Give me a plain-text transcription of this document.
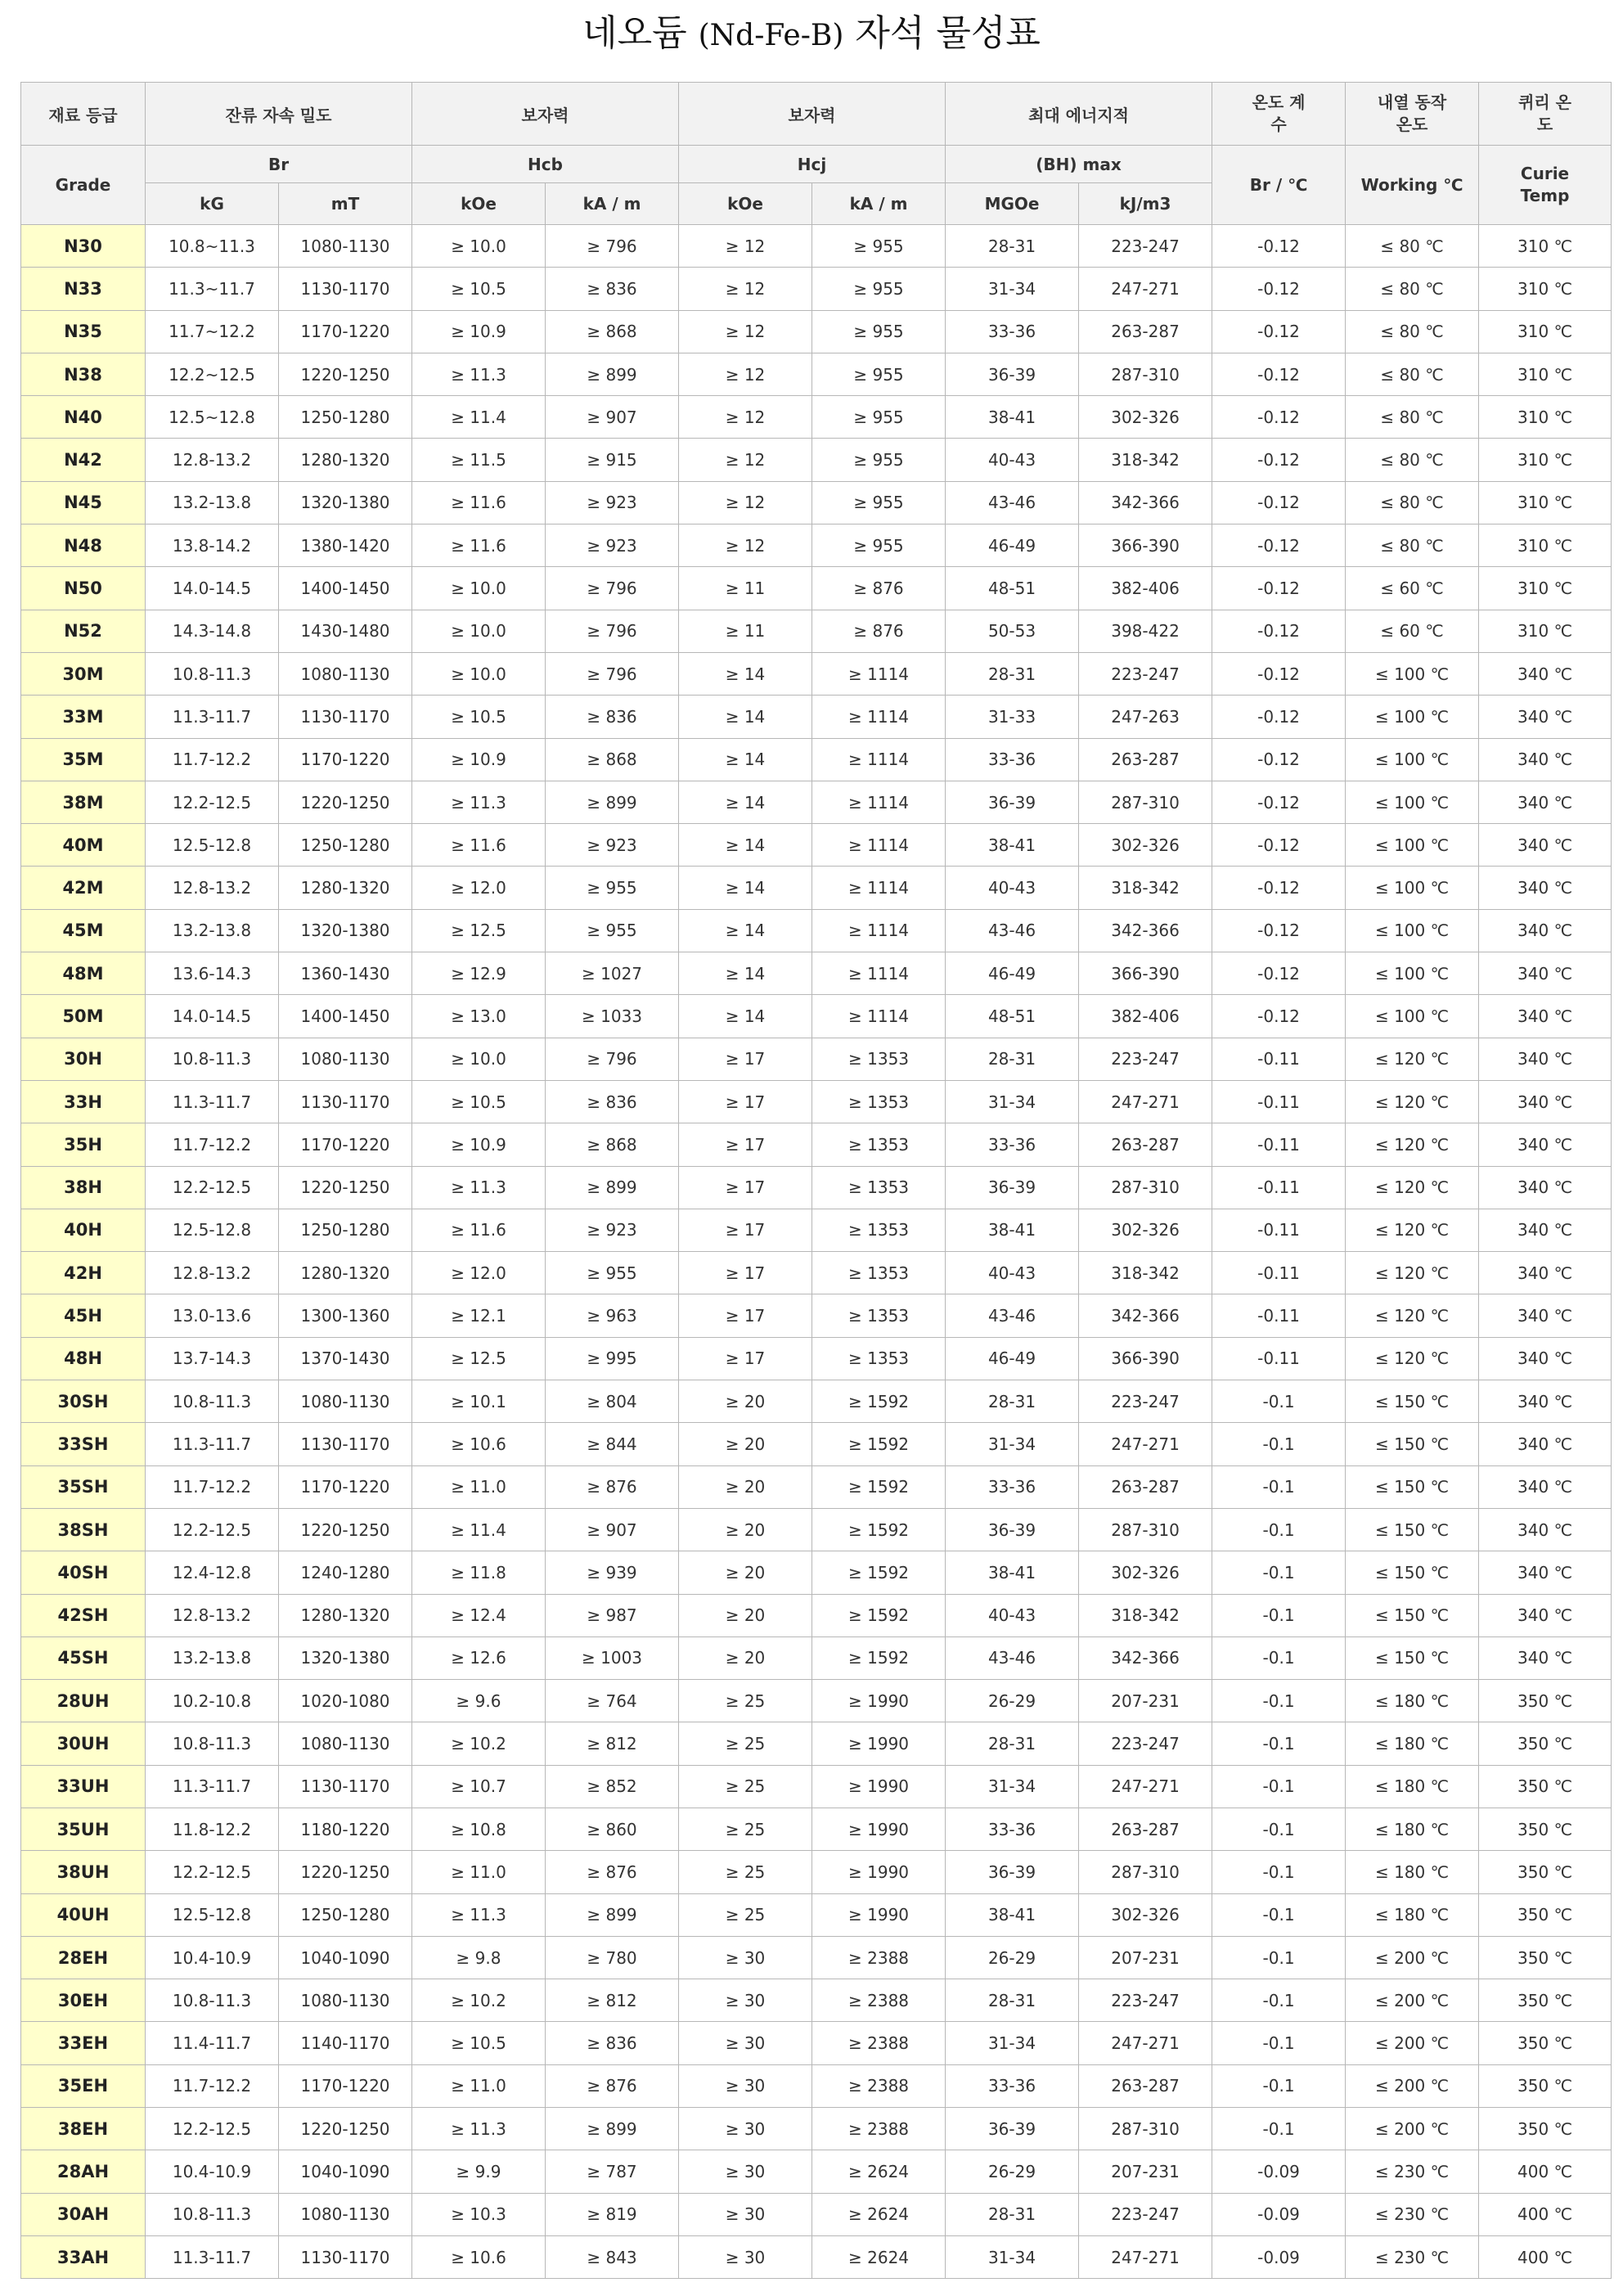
네오듐 (Nd-Fe-B) 자석 물성표
재료 등급	잔류 자속 밀도		보자력		보자력		최대 에너지적		온도 계수	내열 동작온도	퀴리 온도
Grade	Br		Hcb		Hcj		(BH) max		Br / ℃	Working ℃	Curie Temp
	kG	mT	kOe	kA / m	kOe	kA / m	MGOe	kJ/m3			
N30	10.8~11.3	1080-1130	≥ 10.0	≥ 796	≥ 12	≥ 955	28-31	223-247	-0.12	≤ 80 ℃	310 ℃
N33	11.3~11.7	1130-1170	≥ 10.5	≥ 836	≥ 12	≥ 955	31-34	247-271	-0.12	≤ 80 ℃	310 ℃
N35	11.7~12.2	1170-1220	≥ 10.9	≥ 868	≥ 12	≥ 955	33-36	263-287	-0.12	≤ 80 ℃	310 ℃
N38	12.2~12.5	1220-1250	≥ 11.3	≥ 899	≥ 12	≥ 955	36-39	287-310	-0.12	≤ 80 ℃	310 ℃
N40	12.5~12.8	1250-1280	≥ 11.4	≥ 907	≥ 12	≥ 955	38-41	302-326	-0.12	≤ 80 ℃	310 ℃
N42	12.8-13.2	1280-1320	≥ 11.5	≥ 915	≥ 12	≥ 955	40-43	318-342	-0.12	≤ 80 ℃	310 ℃
N45	13.2-13.8	1320-1380	≥ 11.6	≥ 923	≥ 12	≥ 955	43-46	342-366	-0.12	≤ 80 ℃	310 ℃
N48	13.8-14.2	1380-1420	≥ 11.6	≥ 923	≥ 12	≥ 955	46-49	366-390	-0.12	≤ 80 ℃	310 ℃
N50	14.0-14.5	1400-1450	≥ 10.0	≥ 796	≥ 11	≥ 876	48-51	382-406	-0.12	≤ 60 ℃	310 ℃
N52	14.3-14.8	1430-1480	≥ 10.0	≥ 796	≥ 11	≥ 876	50-53	398-422	-0.12	≤ 60 ℃	310 ℃
30M	10.8-11.3	1080-1130	≥ 10.0	≥ 796	≥ 14	≥ 1114	28-31	223-247	-0.12	≤ 100 ℃	340 ℃
33M	11.3-11.7	1130-1170	≥ 10.5	≥ 836	≥ 14	≥ 1114	31-33	247-263	-0.12	≤ 100 ℃	340 ℃
35M	11.7-12.2	1170-1220	≥ 10.9	≥ 868	≥ 14	≥ 1114	33-36	263-287	-0.12	≤ 100 ℃	340 ℃
38M	12.2-12.5	1220-1250	≥ 11.3	≥ 899	≥ 14	≥ 1114	36-39	287-310	-0.12	≤ 100 ℃	340 ℃
40M	12.5-12.8	1250-1280	≥ 11.6	≥ 923	≥ 14	≥ 1114	38-41	302-326	-0.12	≤ 100 ℃	340 ℃
42M	12.8-13.2	1280-1320	≥ 12.0	≥ 955	≥ 14	≥ 1114	40-43	318-342	-0.12	≤ 100 ℃	340 ℃
45M	13.2-13.8	1320-1380	≥ 12.5	≥ 955	≥ 14	≥ 1114	43-46	342-366	-0.12	≤ 100 ℃	340 ℃
48M	13.6-14.3	1360-1430	≥ 12.9	≥ 1027	≥ 14	≥ 1114	46-49	366-390	-0.12	≤ 100 ℃	340 ℃
50M	14.0-14.5	1400-1450	≥ 13.0	≥ 1033	≥ 14	≥ 1114	48-51	382-406	-0.12	≤ 100 ℃	340 ℃
30H	10.8-11.3	1080-1130	≥ 10.0	≥ 796	≥ 17	≥ 1353	28-31	223-247	-0.11	≤ 120 ℃	340 ℃
33H	11.3-11.7	1130-1170	≥ 10.5	≥ 836	≥ 17	≥ 1353	31-34	247-271	-0.11	≤ 120 ℃	340 ℃
35H	11.7-12.2	1170-1220	≥ 10.9	≥ 868	≥ 17	≥ 1353	33-36	263-287	-0.11	≤ 120 ℃	340 ℃
38H	12.2-12.5	1220-1250	≥ 11.3	≥ 899	≥ 17	≥ 1353	36-39	287-310	-0.11	≤ 120 ℃	340 ℃
40H	12.5-12.8	1250-1280	≥ 11.6	≥ 923	≥ 17	≥ 1353	38-41	302-326	-0.11	≤ 120 ℃	340 ℃
42H	12.8-13.2	1280-1320	≥ 12.0	≥ 955	≥ 17	≥ 1353	40-43	318-342	-0.11	≤ 120 ℃	340 ℃
45H	13.0-13.6	1300-1360	≥ 12.1	≥ 963	≥ 17	≥ 1353	43-46	342-366	-0.11	≤ 120 ℃	340 ℃
48H	13.7-14.3	1370-1430	≥ 12.5	≥ 995	≥ 17	≥ 1353	46-49	366-390	-0.11	≤ 120 ℃	340 ℃
30SH	10.8-11.3	1080-1130	≥ 10.1	≥ 804	≥ 20	≥ 1592	28-31	223-247	-0.1	≤ 150 ℃	340 ℃
33SH	11.3-11.7	1130-1170	≥ 10.6	≥ 844	≥ 20	≥ 1592	31-34	247-271	-0.1	≤ 150 ℃	340 ℃
35SH	11.7-12.2	1170-1220	≥ 11.0	≥ 876	≥ 20	≥ 1592	33-36	263-287	-0.1	≤ 150 ℃	340 ℃
38SH	12.2-12.5	1220-1250	≥ 11.4	≥ 907	≥ 20	≥ 1592	36-39	287-310	-0.1	≤ 150 ℃	340 ℃
40SH	12.4-12.8	1240-1280	≥ 11.8	≥ 939	≥ 20	≥ 1592	38-41	302-326	-0.1	≤ 150 ℃	340 ℃
42SH	12.8-13.2	1280-1320	≥ 12.4	≥ 987	≥ 20	≥ 1592	40-43	318-342	-0.1	≤ 150 ℃	340 ℃
45SH	13.2-13.8	1320-1380	≥ 12.6	≥ 1003	≥ 20	≥ 1592	43-46	342-366	-0.1	≤ 150 ℃	340 ℃
28UH	10.2-10.8	1020-1080	≥ 9.6	≥ 764	≥ 25	≥ 1990	26-29	207-231	-0.1	≤ 180 ℃	350 ℃
30UH	10.8-11.3	1080-1130	≥ 10.2	≥ 812	≥ 25	≥ 1990	28-31	223-247	-0.1	≤ 180 ℃	350 ℃
33UH	11.3-11.7	1130-1170	≥ 10.7	≥ 852	≥ 25	≥ 1990	31-34	247-271	-0.1	≤ 180 ℃	350 ℃
35UH	11.8-12.2	1180-1220	≥ 10.8	≥ 860	≥ 25	≥ 1990	33-36	263-287	-0.1	≤ 180 ℃	350 ℃
38UH	12.2-12.5	1220-1250	≥ 11.0	≥ 876	≥ 25	≥ 1990	36-39	287-310	-0.1	≤ 180 ℃	350 ℃
40UH	12.5-12.8	1250-1280	≥ 11.3	≥ 899	≥ 25	≥ 1990	38-41	302-326	-0.1	≤ 180 ℃	350 ℃
28EH	10.4-10.9	1040-1090	≥ 9.8	≥ 780	≥ 30	≥ 2388	26-29	207-231	-0.1	≤ 200 ℃	350 ℃
30EH	10.8-11.3	1080-1130	≥ 10.2	≥ 812	≥ 30	≥ 2388	28-31	223-247	-0.1	≤ 200 ℃	350 ℃
33EH	11.4-11.7	1140-1170	≥ 10.5	≥ 836	≥ 30	≥ 2388	31-34	247-271	-0.1	≤ 200 ℃	350 ℃
35EH	11.7-12.2	1170-1220	≥ 11.0	≥ 876	≥ 30	≥ 2388	33-36	263-287	-0.1	≤ 200 ℃	350 ℃
38EH	12.2-12.5	1220-1250	≥ 11.3	≥ 899	≥ 30	≥ 2388	36-39	287-310	-0.1	≤ 200 ℃	350 ℃
28AH	10.4-10.9	1040-1090	≥ 9.9	≥ 787	≥ 30	≥ 2624	26-29	207-231	-0.09	≤ 230 ℃	400 ℃
30AH	10.8-11.3	1080-1130	≥ 10.3	≥ 819	≥ 30	≥ 2624	28-31	223-247	-0.09	≤ 230 ℃	400 ℃
33AH	11.3-11.7	1130-1170	≥ 10.6	≥ 843	≥ 30	≥ 2624	31-34	247-271	-0.09	≤ 230 ℃	400 ℃
